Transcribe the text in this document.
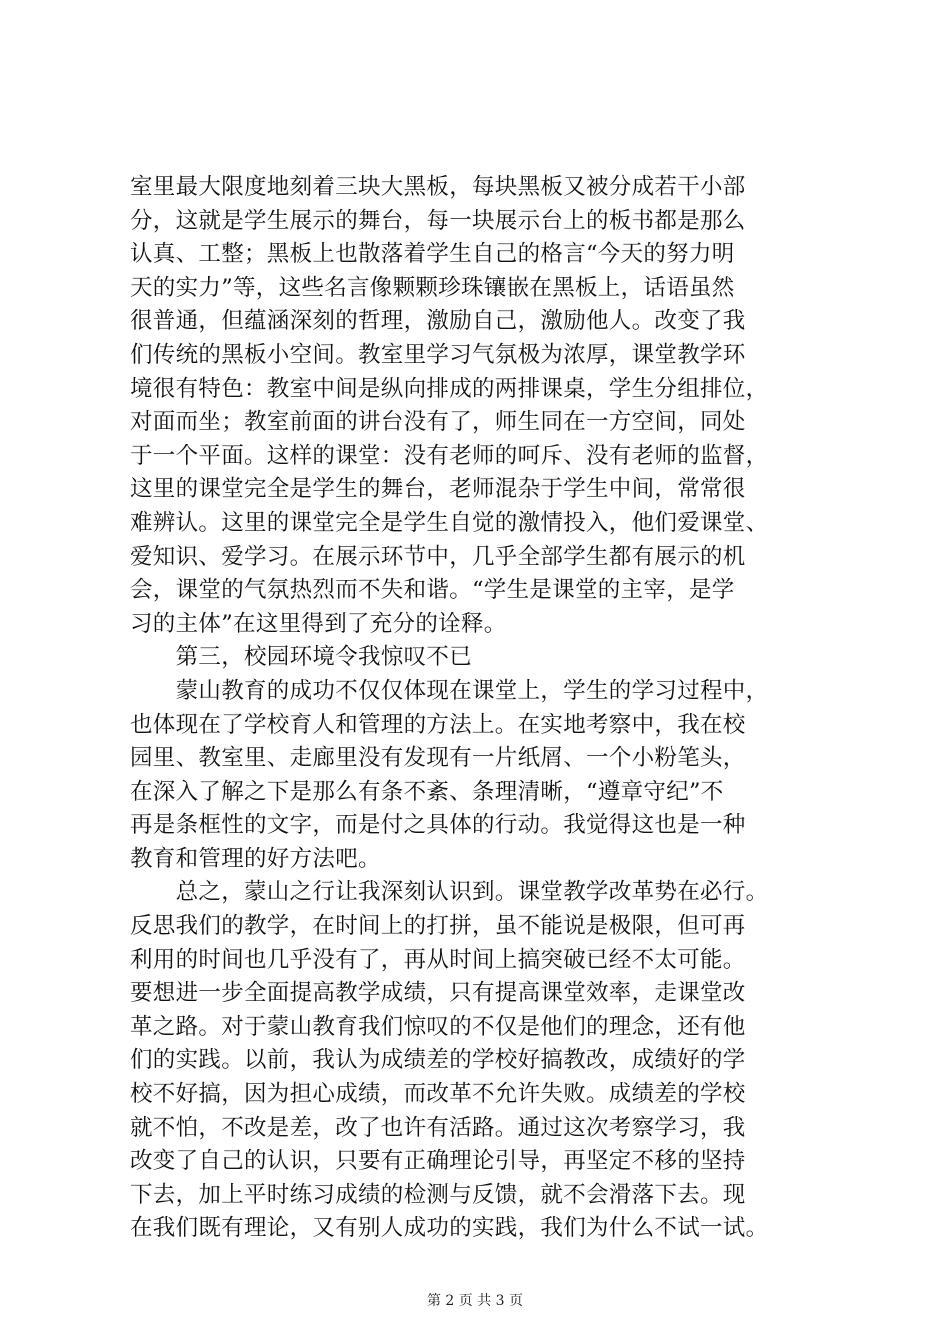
室里最大限度地刻着三块大黑板，每块黑板又被分成若干小部
分，这就是学生展示的舞台，每一块展示台上的板书都是那么
认真、工整；黑板上也散落着学生自己的格言“今天的努力明
天的实力”等，这些名言像颗颗珍珠镶嵌在黑板上，话语虽然
很普通，但蕴涵深刻的哲理，激励自己，激励他人。改变了我
们传统的黑板小空间。教室里学习气氛极为浓厚，课堂教学环
境很有特色：教室中间是纵向排成的两排课桌，学生分组排位，
对面而坐；教室前面的讲台没有了，师生同在一方空间，同处
于一个平面。这样的课堂：没有老师的呵斥、没有老师的监督，
这里的课堂完全是学生的舞台，老师混杂于学生中间，常常很
难辨认。这里的课堂完全是学生自觉的激情投入，他们爱课堂、
爱知识、爱学习。在展示环节中，几乎全部学生都有展示的机
会，课堂的气氛热烈而不失和谐。“学生是课堂的主宰，是学
习的主体”在这里得到了充分的诠释。
　　第三，校园环境令我惊叹不已
　　蒙山教育的成功不仅仅体现在课堂上，学生的学习过程中，
也体现在了学校育人和管理的方法上。在实地考察中，我在校
园里、教室里、走廊里没有发现有一片纸屑、一个小粉笔头，
在深入了解之下是那么有条不紊、条理清晰，“遵章守纪”不
再是条框性的文字，而是付之具体的行动。我觉得这也是一种
教育和管理的好方法吧。
　　总之，蒙山之行让我深刻认识到。课堂教学改革势在必行。
反思我们的教学，在时间上的打拼，虽不能说是极限，但可再
利用的时间也几乎没有了，再从时间上搞突破已经不太可能。
要想进一步全面提高教学成绩，只有提高课堂效率，走课堂改
革之路。对于蒙山教育我们惊叹的不仅是他们的理念，还有他
们的实践。以前，我认为成绩差的学校好搞教改，成绩好的学
校不好搞，因为担心成绩，而改革不允许失败。成绩差的学校
就不怕，不改是差，改了也许有活路。通过这次考察学习，我
改变了自己的认识，只要有正确理论引导，再坚定不移的坚持
下去，加上平时练习成绩的检测与反馈，就不会滑落下去。现
在我们既有理论，又有别人成功的实践，我们为什么不试一试。
第 2 页 共 3 页
